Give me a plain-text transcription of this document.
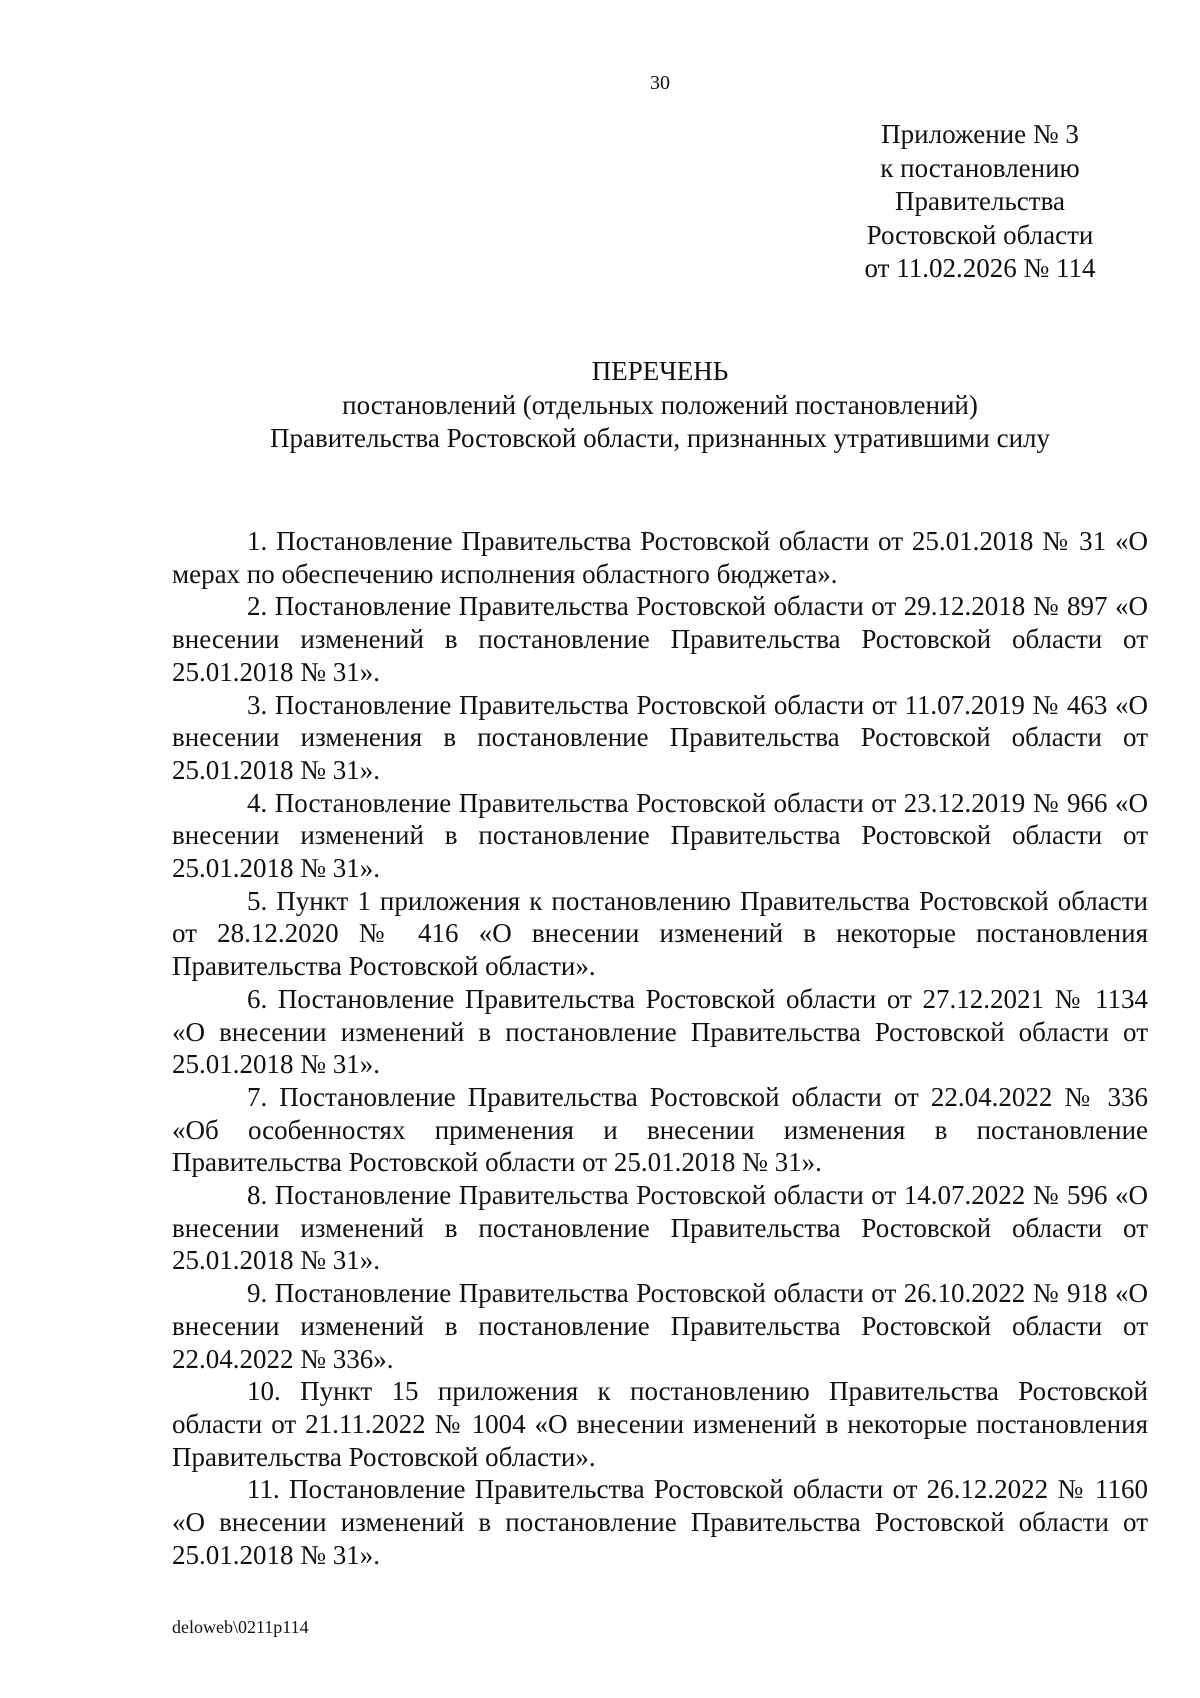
30
Приложение № 3
к постановлению
Правительства
Ростовской области
от 11.02.2026 № 114
ПЕРЕЧЕНЬ
постановлений (отдельных положений постановлений)
Правительства Ростовской области, признанных утратившими силу

1. Постановление Правительства Ростовской области от 25.01.2018 № 31 «О мерах по обеспечению исполнения областного бюджета».

2. Постановление Правительства Ростовской области от 29.12.2018 № 897 «О внесении изменений в постановление Правительства Ростовской области от 25.01.2018 № 31».

3. Постановление Правительства Ростовской области от 11.07.2019 № 463 «О внесении изменения в постановление Правительства Ростовской области от 25.01.2018 № 31».

4. Постановление Правительства Ростовской области от 23.12.2019 № 966 «О внесении изменений в постановление Правительства Ростовской области от 25.01.2018 № 31».

5. Пункт 1 приложения к постановлению Правительства Ростовской области от 28.12.2020 № 416 «О внесении изменений в некоторые постановления Правительства Ростовской области».

6. Постановление Правительства Ростовской области от 27.12.2021 № 1134 «О внесении изменений в постановление Правительства Ростовской области от 25.01.2018 № 31».

7. Постановление Правительства Ростовской области от 22.04.2022 № 336 «Об особенностях применения и внесении изменения в постановление Правительства Ростовской области от 25.01.2018 № 31».

8. Постановление Правительства Ростовской области от 14.07.2022 № 596 «О внесении изменений в постановление Правительства Ростовской области от 25.01.2018 № 31».

9. Постановление Правительства Ростовской области от 26.10.2022 № 918 «О внесении изменений в постановление Правительства Ростовской области от 22.04.2022 № 336».

10. Пункт 15 приложения к постановлению Правительства Ростовской области от 21.11.2022 № 1004 «О внесении изменений в некоторые постановления Правительства Ростовской области».

11. Постановление Правительства Ростовской области от 26.12.2022 № 1160 «О внесении изменений в постановление Правительства Ростовской области от 25.01.2018 № 31».

deloweb\0211p114
